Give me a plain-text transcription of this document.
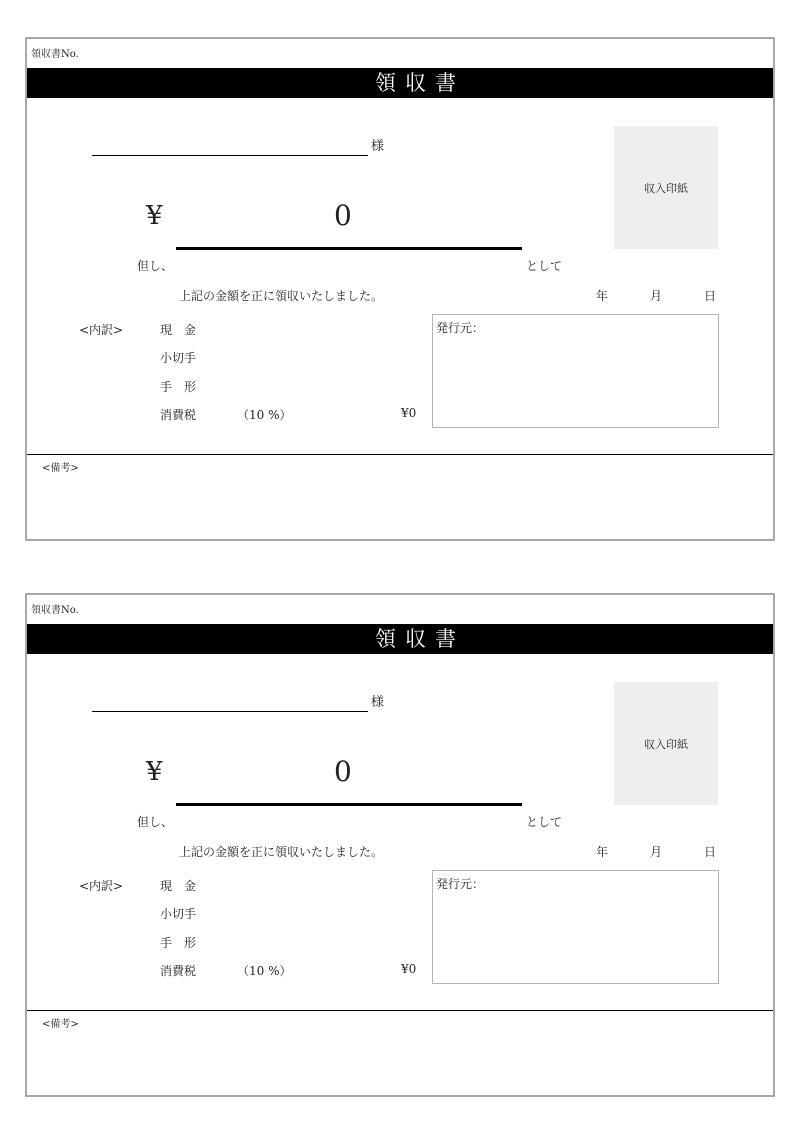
領収書No.
領収書
様
収入印紙
¥	0
但し、	として
上記の金額を正に領収いたしました。	年	月	日
<内訳>	現　金
小切手
手　形
消費税	（10 %）	¥0
発行元：
<備考>
領収書No.
領収書
様
収入印紙
¥	0
但し、	として
上記の金額を正に領収いたしました。	年	月	日
<内訳>	現　金
小切手
手　形
消費税	（10 %）	¥0
発行元：
<備考>
